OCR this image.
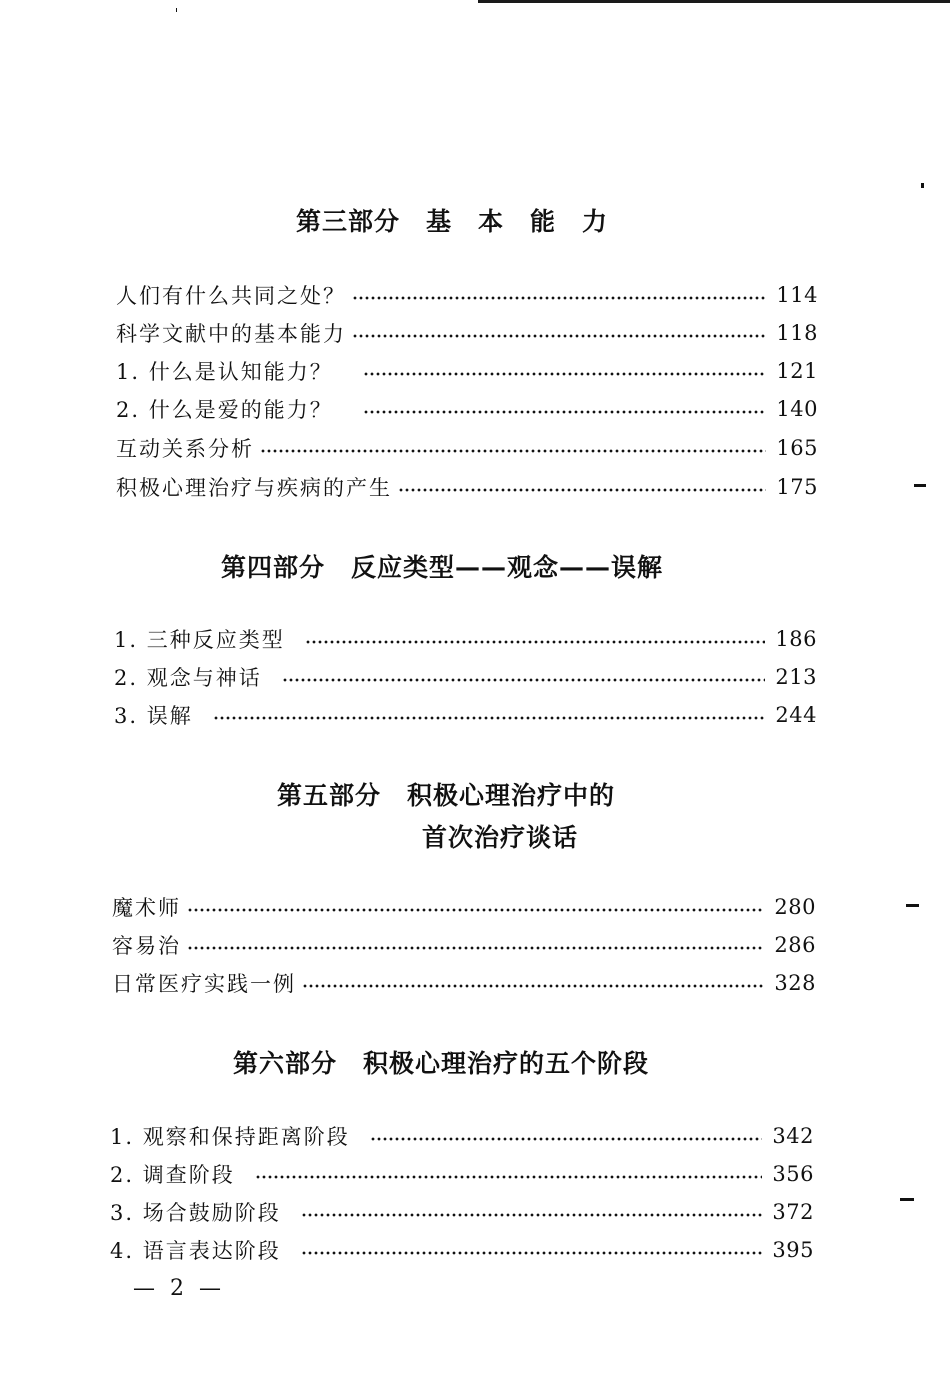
第三部分　基　本　能　力
人们有什么共同之处？	114
科学文献中的基本能力	118
1. 什么是认知能力？	121
2. 什么是爱的能力？	140
互动关系分析	165
积极心理治疗与疾病的产生	175
第四部分　反应类型——观念——误解
1. 三种反应类型	186
2. 观念与神话	213
3. 误解	244
第五部分　积极心理治疗中的
首次治疗谈话
魔术师	280
容易治	286
日常医疗实践一例	328
第六部分　积极心理治疗的五个阶段
1. 观察和保持距离阶段	342
2. 调查阶段	356
3. 场合鼓励阶段	372
4. 语言表达阶段	395
— 2 —
